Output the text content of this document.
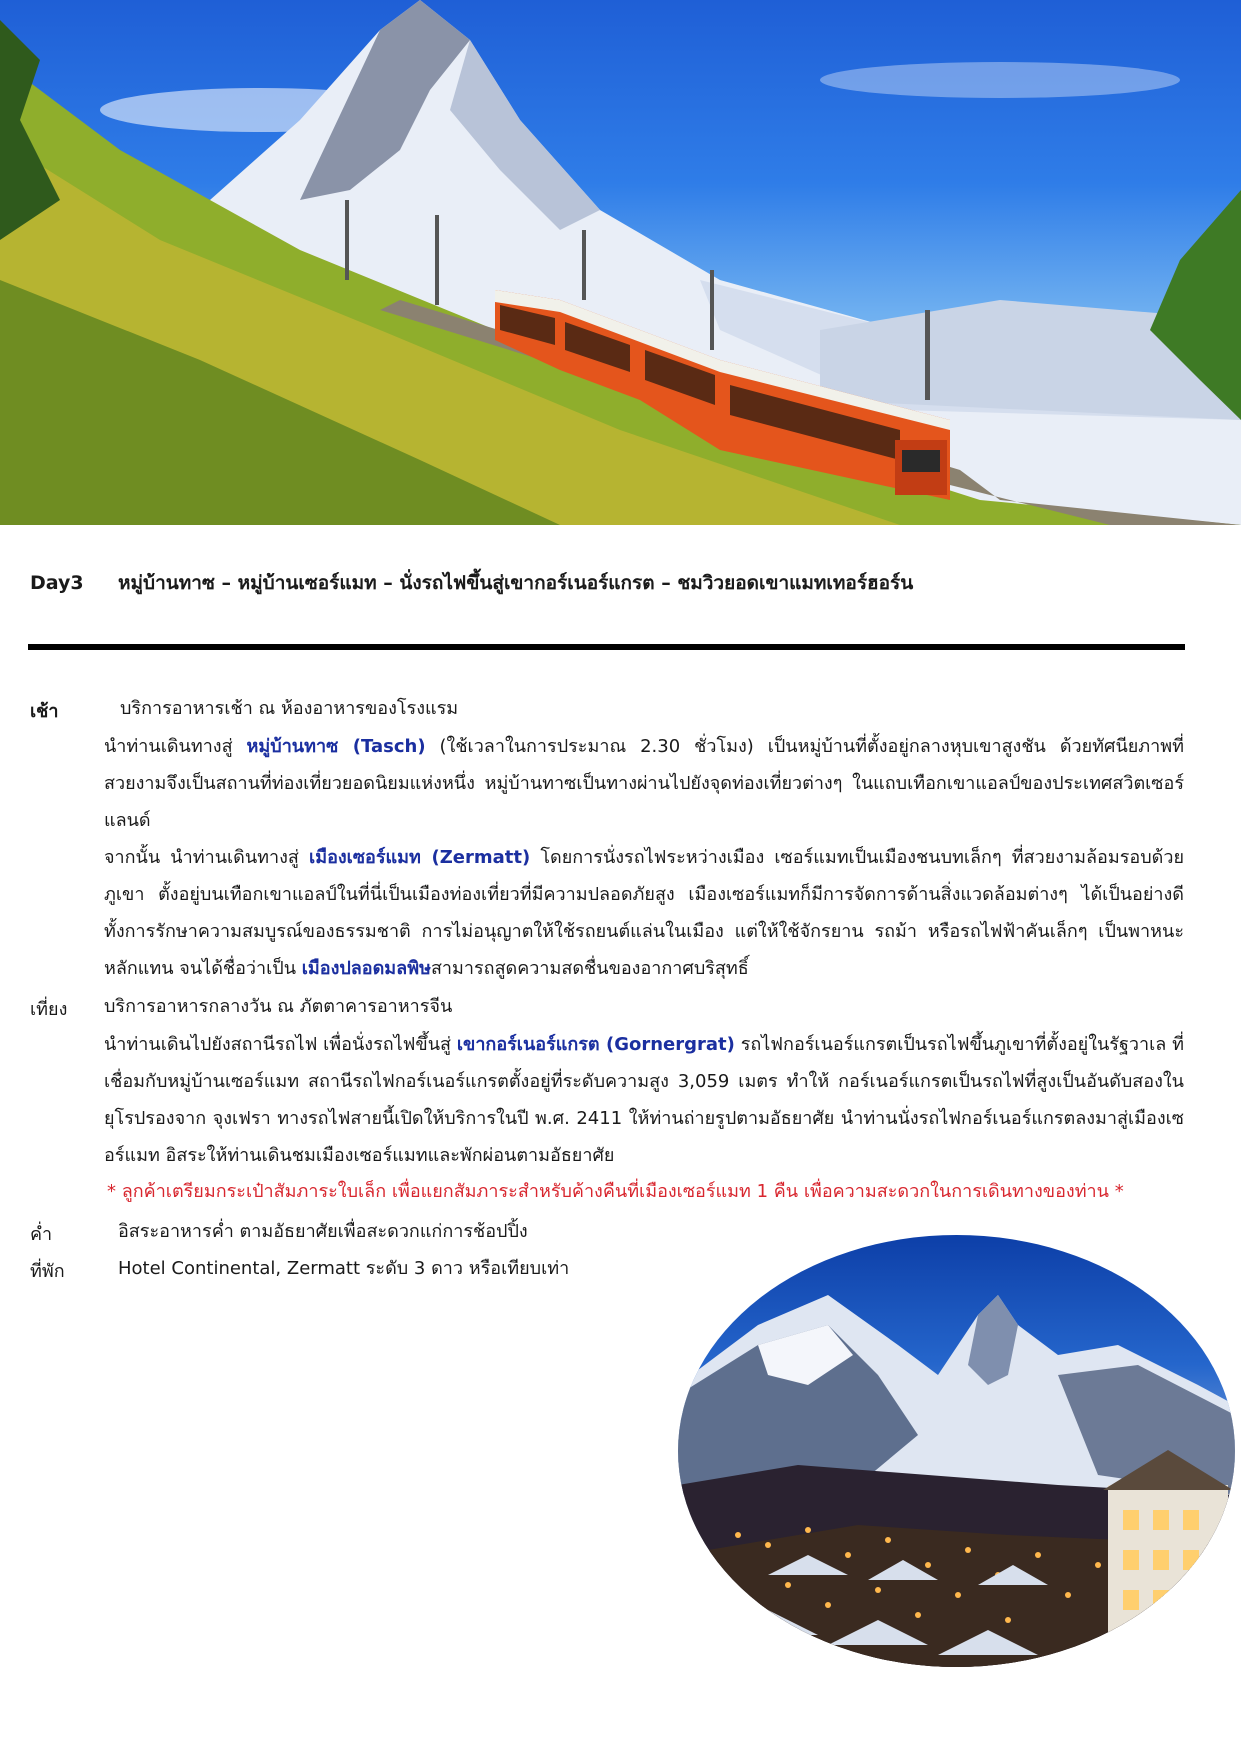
Day3 หมู่บ้านทาซ – หมู่บ้านเซอร์แมท – นั่งรถไฟขึ้นสู่เขากอร์เนอร์แกรต – ชมวิวยอดเขาแมทเทอร์ฮอร์น
เช้า	บริการอาหารเช้า ณ ห้องอาหารของโรงแรม
นำท่านเดินทางสู่ หมู่บ้านทาซ (Tasch) (ใช้เวลาในการประมาณ 2.30 ชั่วโมง) เป็นหมู่บ้านที่ตั้งอยู่กลางหุบเขาสูงชัน ด้วยทัศนียภาพที่สวยงามจึงเป็นสถานที่ท่องเที่ยวยอดนิยมแห่งหนึ่ง หมู่บ้านทาซเป็นทางผ่านไปยังจุดท่องเที่ยวต่างๆ ในแถบเทือกเขาแอลป์ของประเทศสวิตเซอร์แลนด์
จากนั้น นำท่านเดินทางสู่ เมืองเซอร์แมท (Zermatt) โดยการนั่งรถไฟระหว่างเมือง เซอร์แมทเป็นเมืองชนบทเล็กๆ ที่สวยงามล้อมรอบด้วยภูเขา ตั้งอยู่บนเทือกเขาแอลป์ในที่นี่เป็นเมืองท่องเที่ยวที่มีความปลอดภัยสูง เมืองเซอร์แมทก็มีการจัดการด้านสิ่งแวดล้อมต่างๆ ได้เป็นอย่างดี ทั้งการรักษาความสมบูรณ์ของธรรมชาติ การไม่อนุญาตให้ใช้รถยนต์แล่นในเมือง แต่ให้ใช้จักรยาน รถม้า หรือรถไฟฟ้าคันเล็กๆ เป็นพาหนะหลักแทน จนได้ชื่อว่าเป็น เมืองปลอดมลพิษสามารถสูดความสดชื่นของอากาศบริสุทธิ์
เที่ยง บริการอาหารกลางวัน ณ ภัตตาคารอาหารจีน
นำท่านเดินไปยังสถานีรถไฟ เพื่อนั่งรถไฟขึ้นสู่ เขากอร์เนอร์แกรต (Gornergrat) รถไฟกอร์เนอร์แกรตเป็นรถไฟขึ้นภูเขาที่ตั้งอยู่ในรัฐวาเล ที่เชื่อมกับหมู่บ้านเซอร์แมท สถานีรถไฟกอร์เนอร์แกรตตั้งอยู่ที่ระดับความสูง 3,059 เมตร ทำให้ กอร์เนอร์แกรตเป็นรถไฟที่สูงเป็นอันดับสองในยุโรปรองจาก จุงเฟรา ทางรถไฟสายนี้เปิดให้บริการในปี พ.ศ. 2411 ให้ท่านถ่ายรูปตามอัธยาศัย นำท่านนั่งรถไฟกอร์เนอร์แกรตลงมาสู่เมืองเซอร์แมท อิสระให้ท่านเดินชมเมืองเซอร์แมทและพักผ่อนตามอัธยาศัย
* ลูกค้าเตรียมกระเป๋าสัมภาระใบเล็ก เพื่อแยกสัมภาระสำหรับค้างคืนที่เมืองเซอร์แมท 1 คืน เพื่อความสะดวกในการเดินทางของท่าน *
ค่ำ	อิสระอาหารค่ำ ตามอัธยาศัยเพื่อสะดวกแก่การช้อปปิ้ง
ที่พัก	Hotel Continental, Zermatt ระดับ 3 ดาว หรือเทียบเท่า
